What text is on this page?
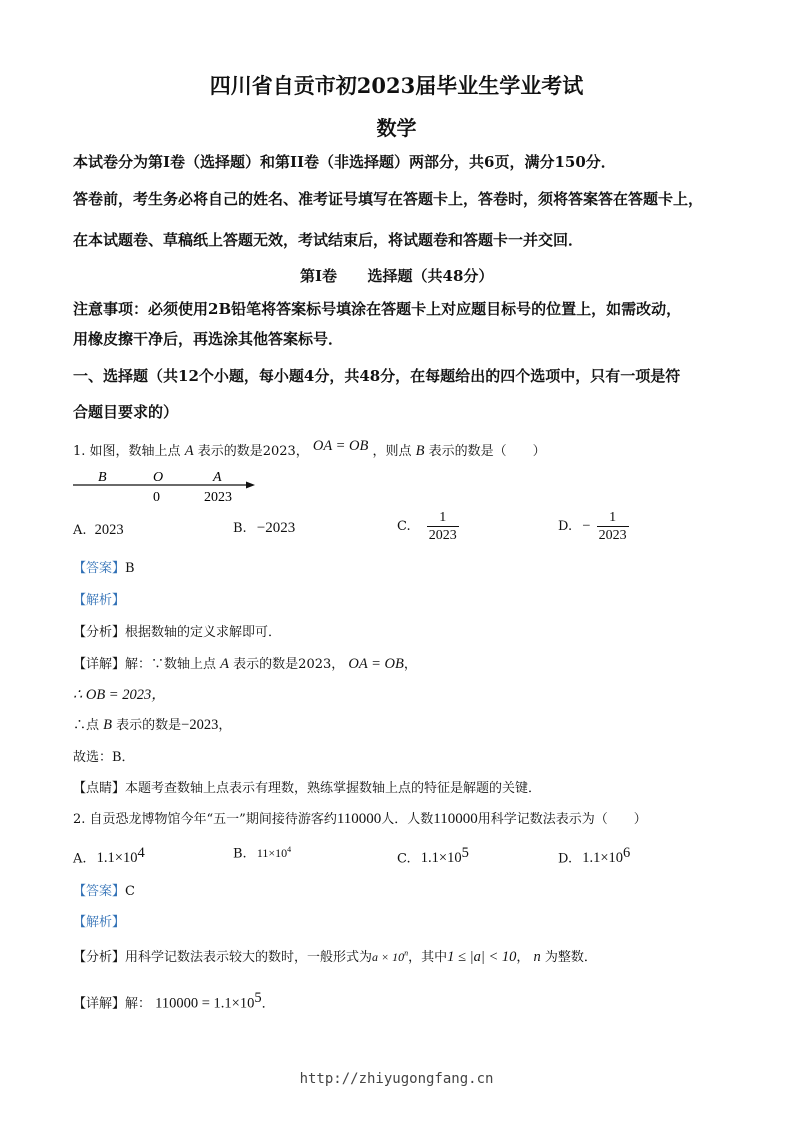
四川省自贡市初2023届毕业生学业考试
数学
本试卷分为第I卷（选择题）和第II卷（非选择题）两部分，共6页，满分150分．
答卷前，考生务必将自己的姓名、准考证号填写在答题卡上，答卷时，须将答案答在答题卡上，
在本试题卷、草稿纸上答题无效，考试结束后，将试题卷和答题卡一并交回．
第I卷 选择题（共48分）
注意事项：必须使用2B铅笔将答案标号填涂在答题卡上对应题目标号的位置上，如需改动，
用橡皮擦干净后，再选涂其他答案标号．
一、选择题（共12个小题，每小题4分，共48分，在每题给出的四个选项中，只有一项是符
合题目要求的）
1. 如图，数轴上点 A 表示的数是2023， OA = OB ，则点 B 表示的数是（　　）
B	O	A
0	2023
A. 2023	B. −2023	C. $\frac{1}{2023}$	D. − $\frac{1}{2023}$
【答案】B
【解析】
【分析】根据数轴的定义求解即可．
【详解】解：∵数轴上点 A 表示的数是2023， OA = OB，
∴ OB = 2023，
∴点 B 表示的数是−2023，
故选：B．
【点睛】本题考查数轴上点表示有理数，熟练掌握数轴上点的特征是解题的关键．
2. 自贡恐龙博物馆今年“五一”期间接待游客约110000人．人数110000用科学记数法表示为（　　）
A. $1.1\times 10^4$	B. $11\times 10^4$
C. $1.1\times 10^5$	D. $1.1\times 10^6$
【答案】C
【解析】
【分析】用科学记数法表示较大的数时，一般形式为$a \times 10^n$，其中1 ≤ |a| < 10， n 为整数．
【详解】解： $110000 = 1.1\times 10^5$．
http://zhiyugongfang.cn
